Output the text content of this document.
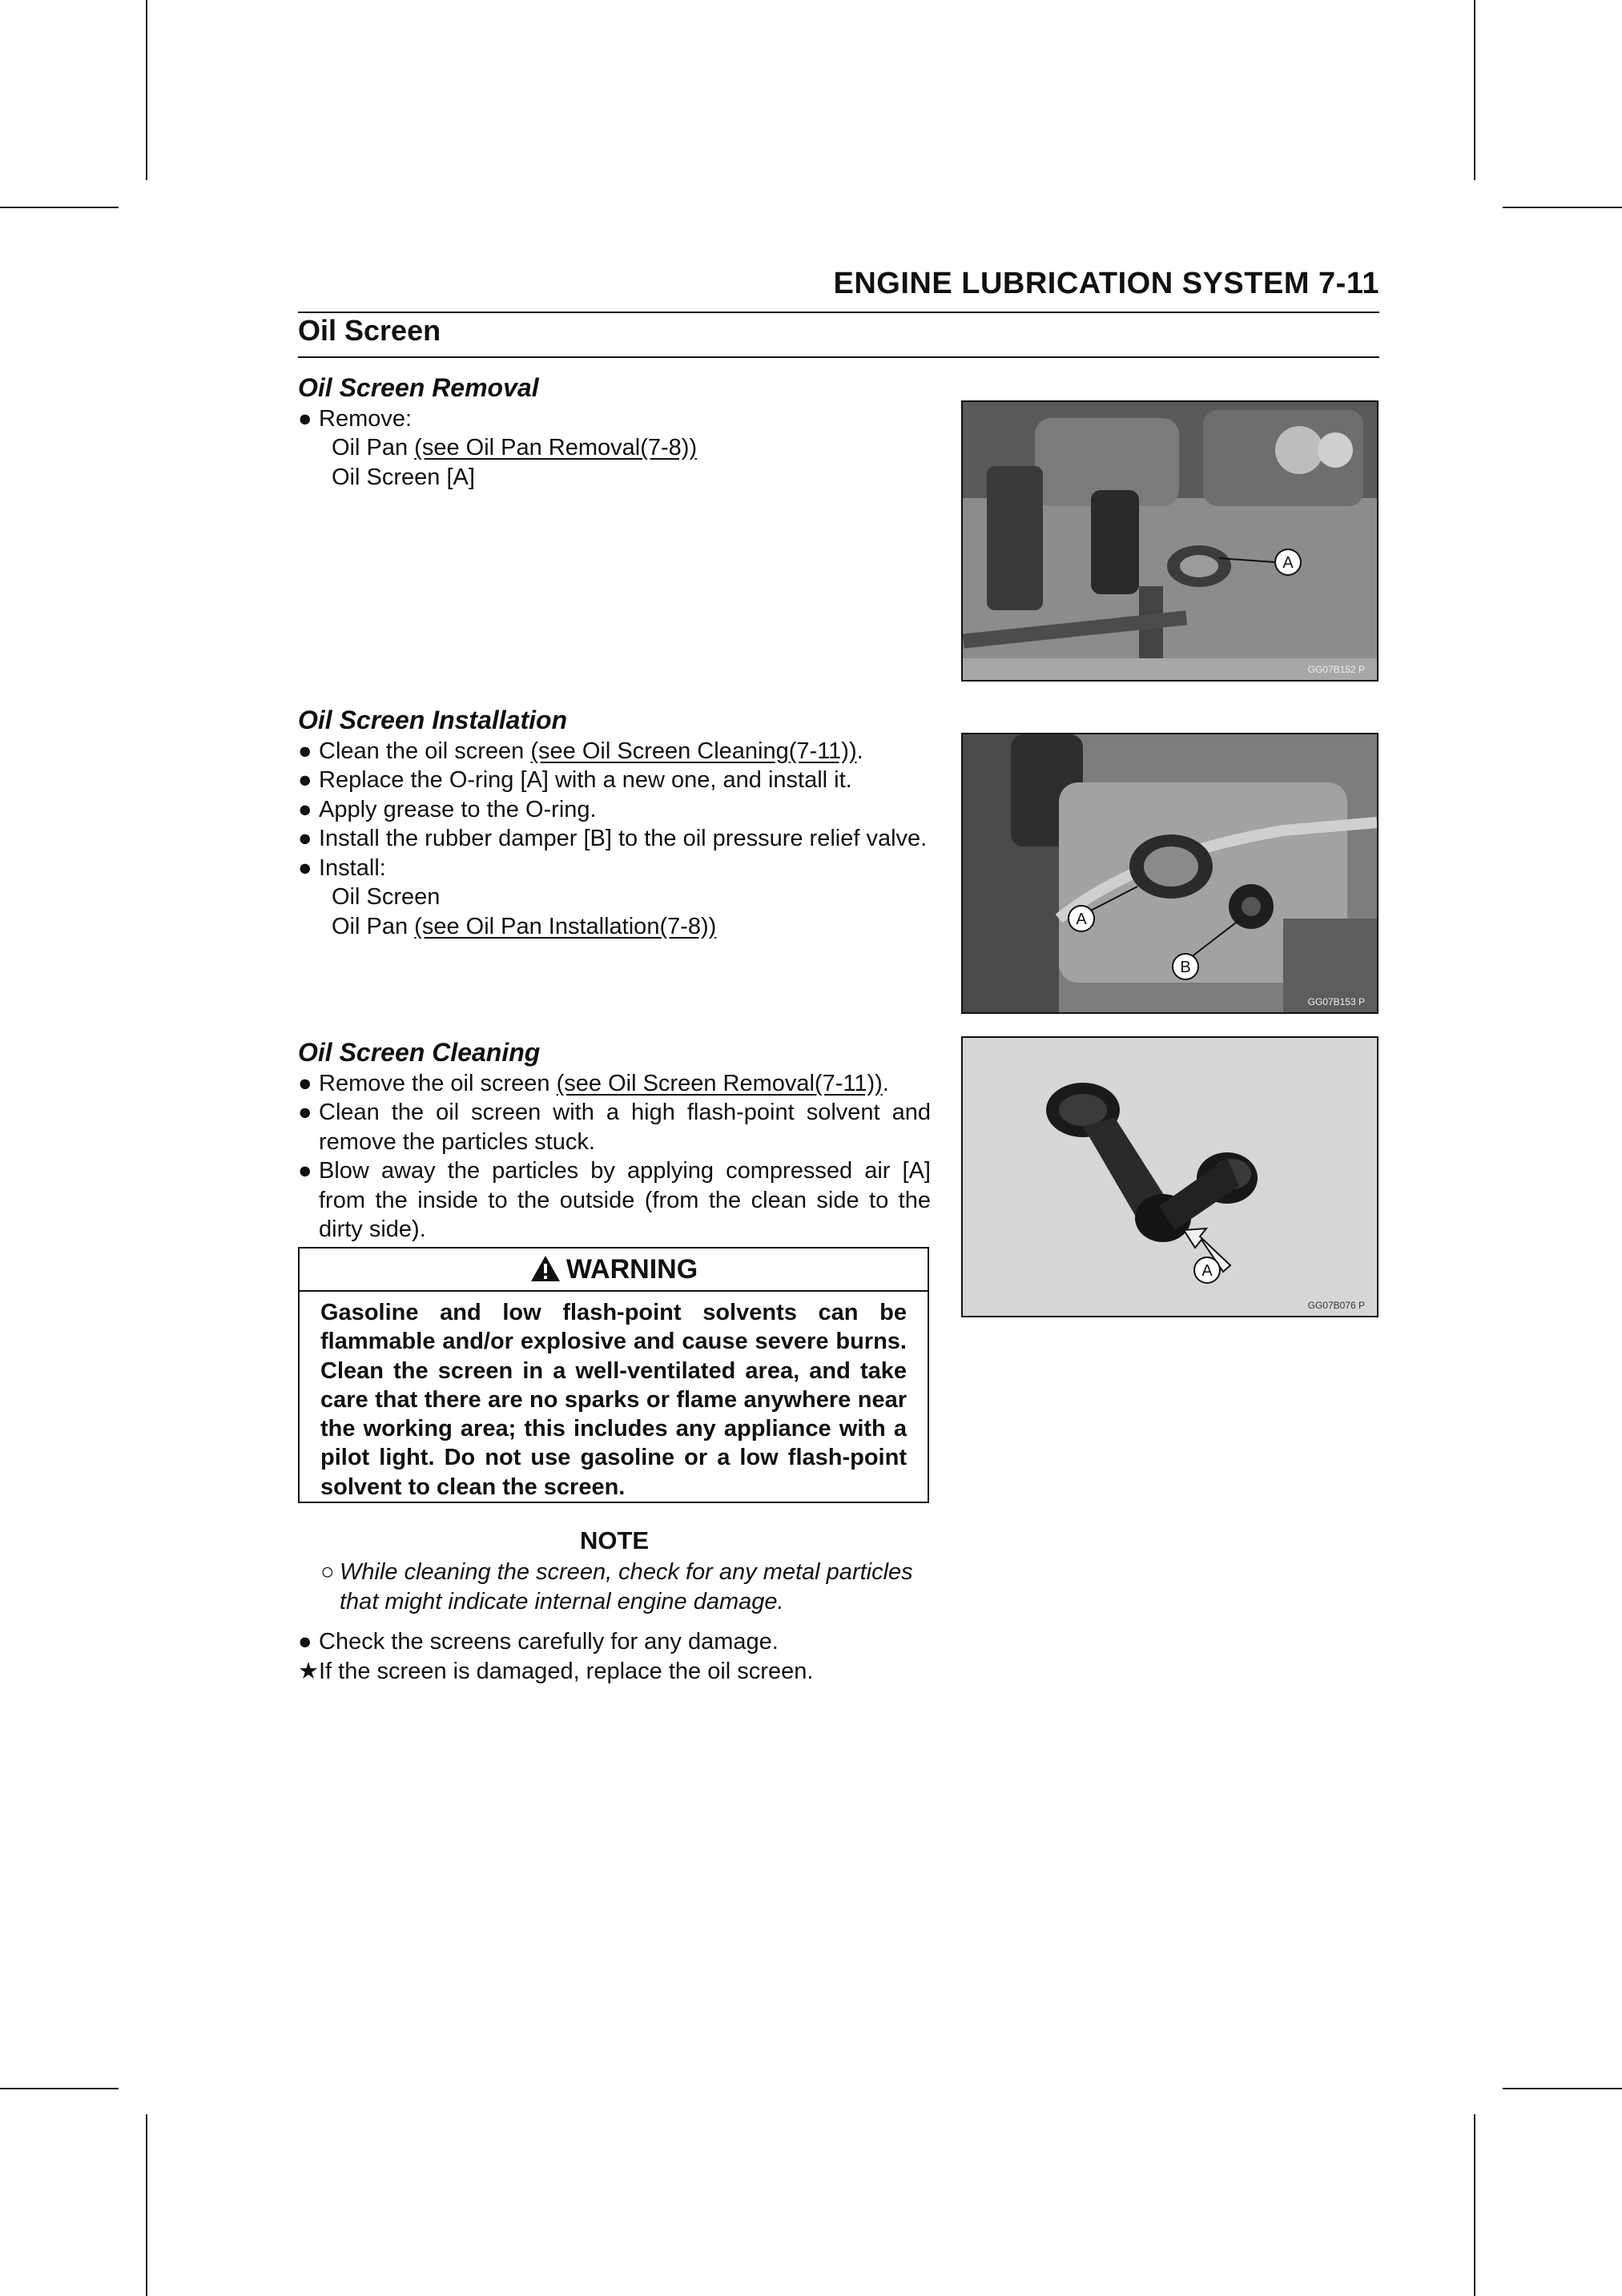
ENGINE LUBRICATION SYSTEM 7-11
Oil Screen
Oil Screen Removal
● Remove:
Oil Pan (see Oil Pan Removal(7-8))
Oil Screen [A]
Oil Screen Installation
● Clean the oil screen (see Oil Screen Cleaning(7-11)).
● Replace the O-ring [A] with a new one, and install it.
● Apply grease to the O-ring.
● Install the rubber damper [B] to the oil pressure relief valve.
● Install:
Oil Screen
Oil Pan (see Oil Pan Installation(7-8))
Oil Screen Cleaning
● Remove the oil screen (see Oil Screen Removal(7-11)).
● Clean the oil screen with a high flash-point solvent and remove the particles stuck.
● Blow away the particles by applying compressed air [A] from the inside to the outside (from the clean side to the dirty side).
WARNING
Gasoline and low flash-point solvents can be flammable and/or explosive and cause severe burns. Clean the screen in a well-ventilated area, and take care that there are no sparks or flame anywhere near the working area; this includes any appliance with a pilot light. Do not use gasoline or a low flash-point solvent to clean the screen.
NOTE
○ While cleaning the screen, check for any metal particles that might indicate internal engine damage.
● Check the screens carefully for any damage.
★ If the screen is damaged, replace the oil screen.
A
GG07B152 P
A
B
GG07B153 P
A
GG07B076 P
